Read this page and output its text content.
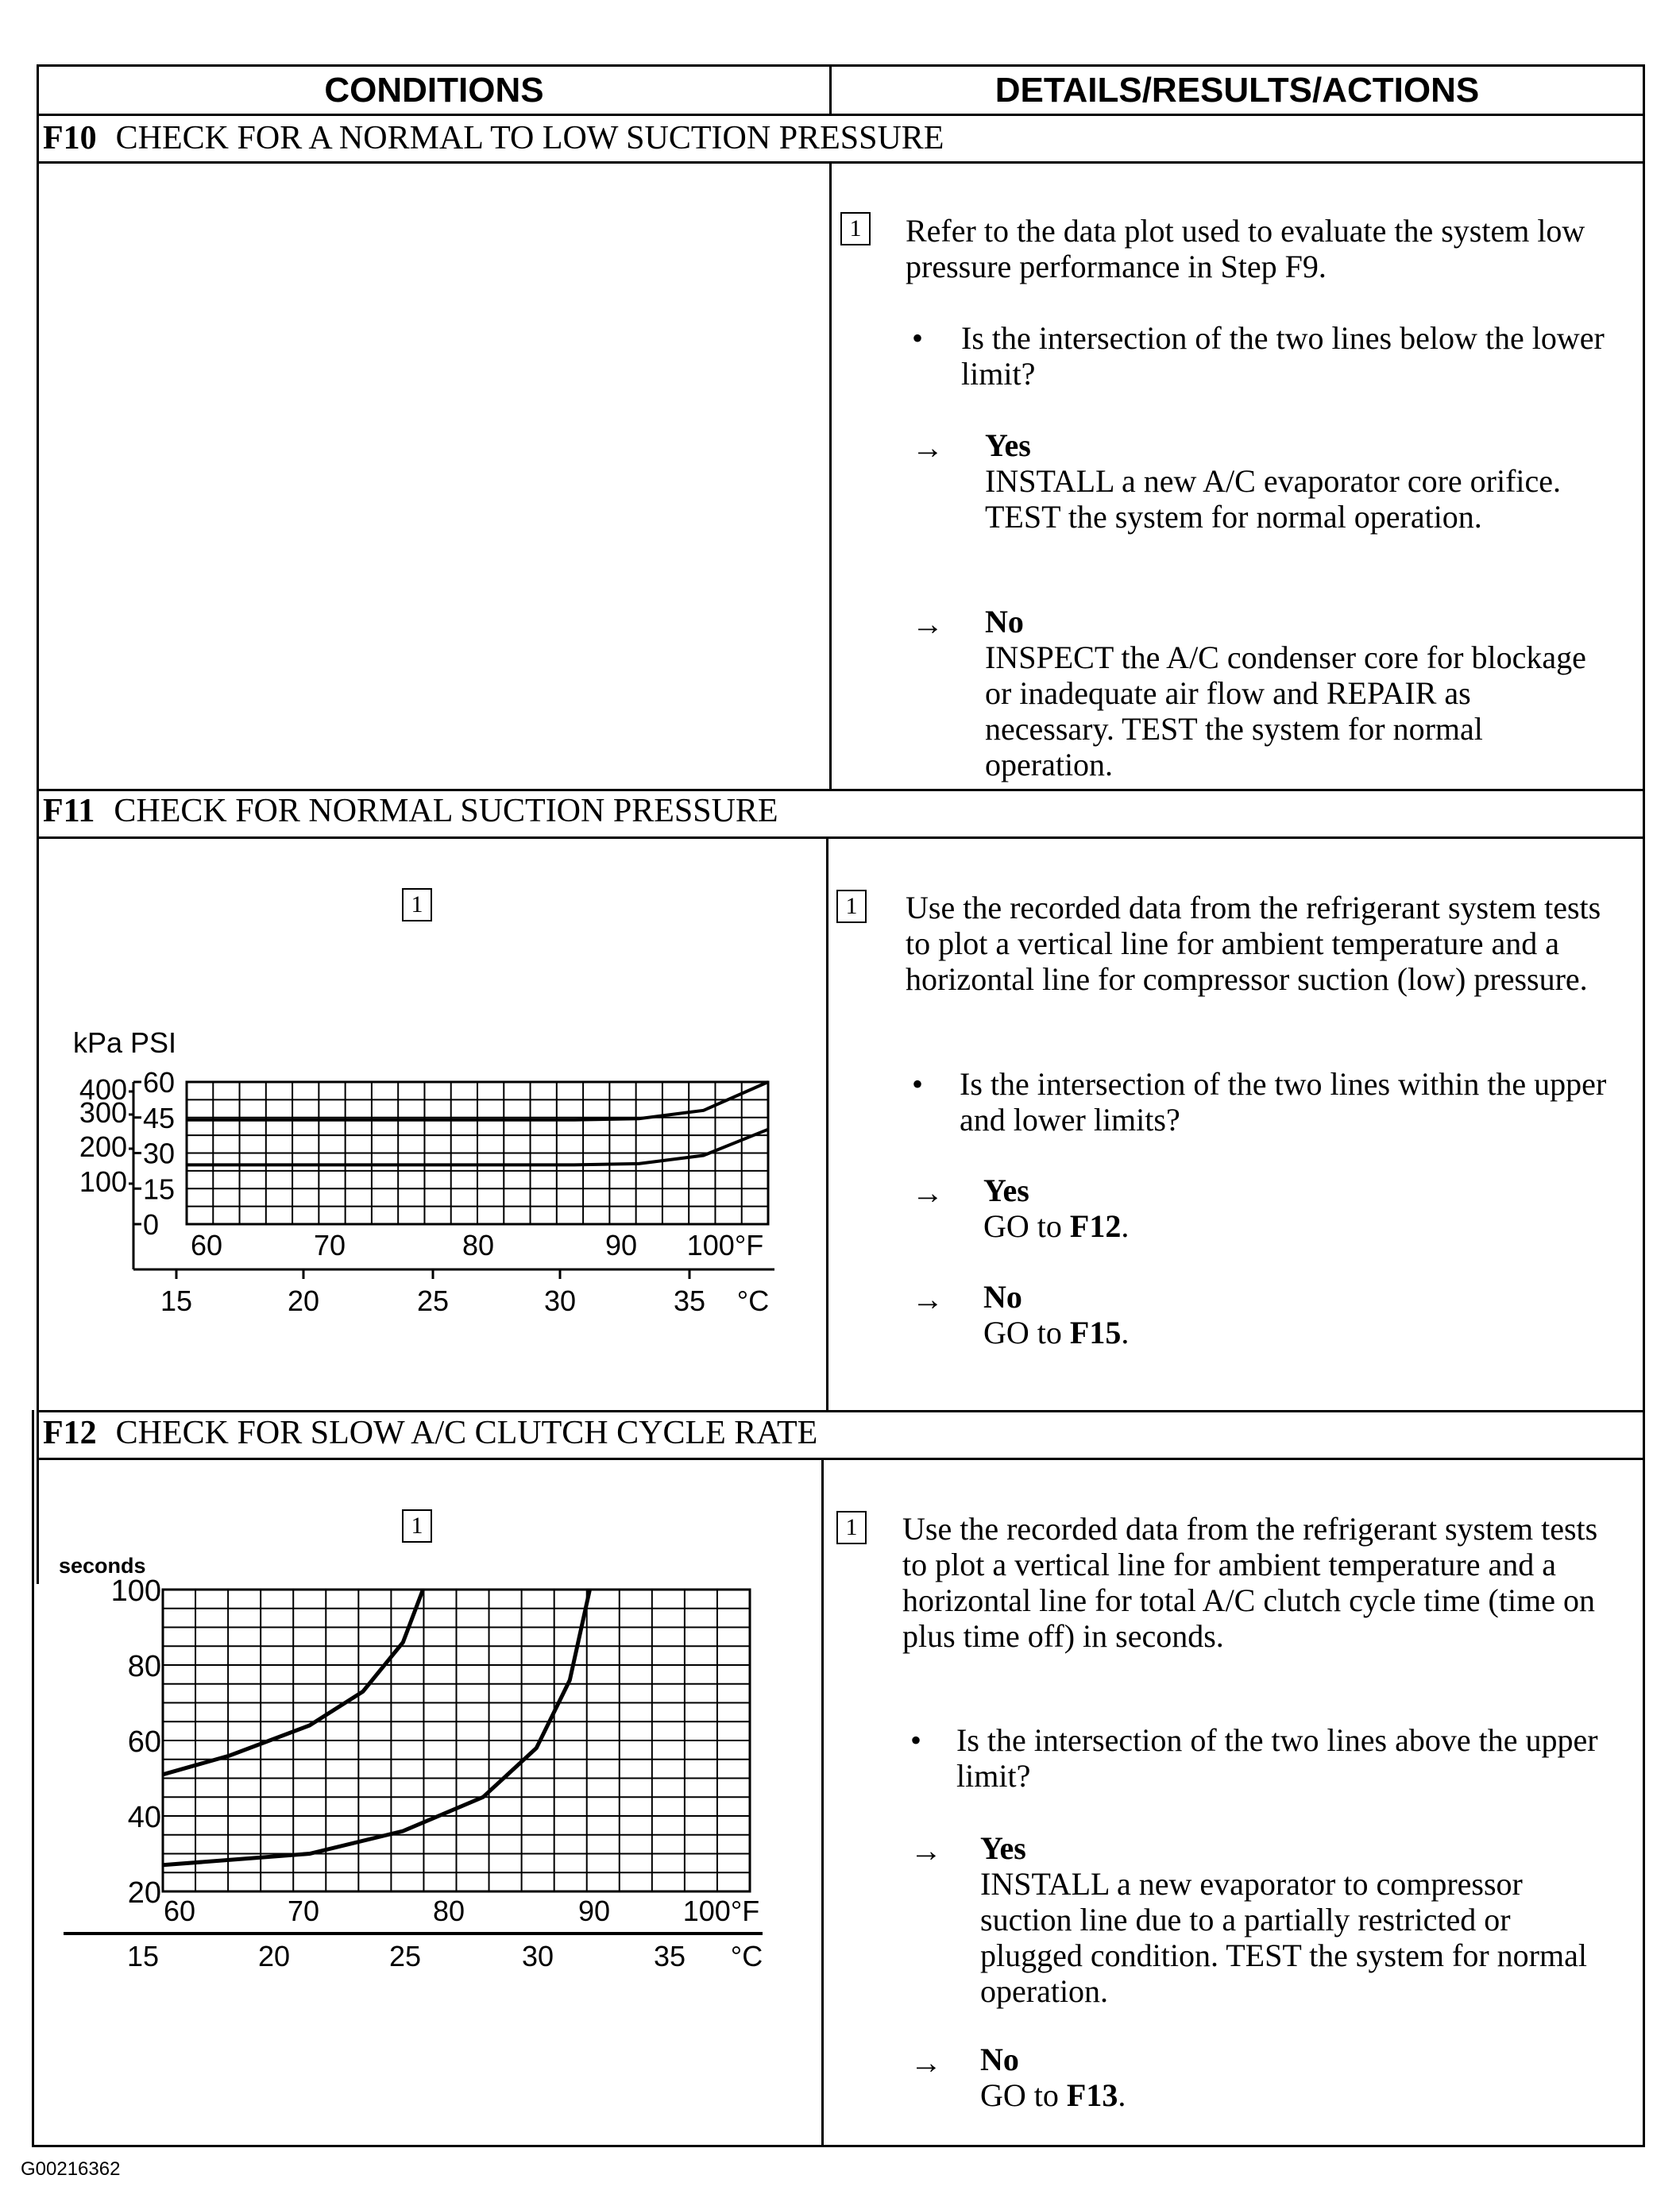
CONDITIONS	DETAILS/RESULTS/ACTIONS
F10 CHECK FOR A NORMAL TO LOW SUCTION PRESSURE
1 Refer to the data plot used to evaluate the system low pressure performance in Step F9.
• Is the intersection of the two lines below the lower limit?
→ Yes
INSTALL a new A/C evaporator core orifice. TEST the system for normal operation.
→ No
INSPECT the A/C condenser core for blockage or inadequate air flow and REPAIR as necessary. TEST the system for normal operation.
F11 CHECK FOR NORMAL SUCTION PRESSURE
1
kPa PSI
60
45
30
15
0
400
300
200
100
60	70	80	90 100°F
15	20	25	30	35 °C
1 Use the recorded data from the refrigerant system tests to plot a vertical line for ambient temperature and a horizontal line for compressor suction (low) pressure.
• Is the intersection of the two lines within the upper and lower limits?
→ Yes
GO to F12.
→ No
GO to F15.
F12 CHECK FOR SLOW A/C CLUTCH CYCLE RATE
1
seconds
100
80
60
40
20
60	70	80	90	100°F
15	20	25	30	35 °C
1 Use the recorded data from the refrigerant system tests to plot a vertical line for ambient temperature and a horizontal line for total A/C clutch cycle time (time on plus time off) in seconds.
• Is the intersection of the two lines above the upper limit?
→ Yes
INSTALL a new evaporator to compressor suction line due to a partially restricted or plugged condition. TEST the system for normal operation.
→ No
GO to F13.
G00216362
